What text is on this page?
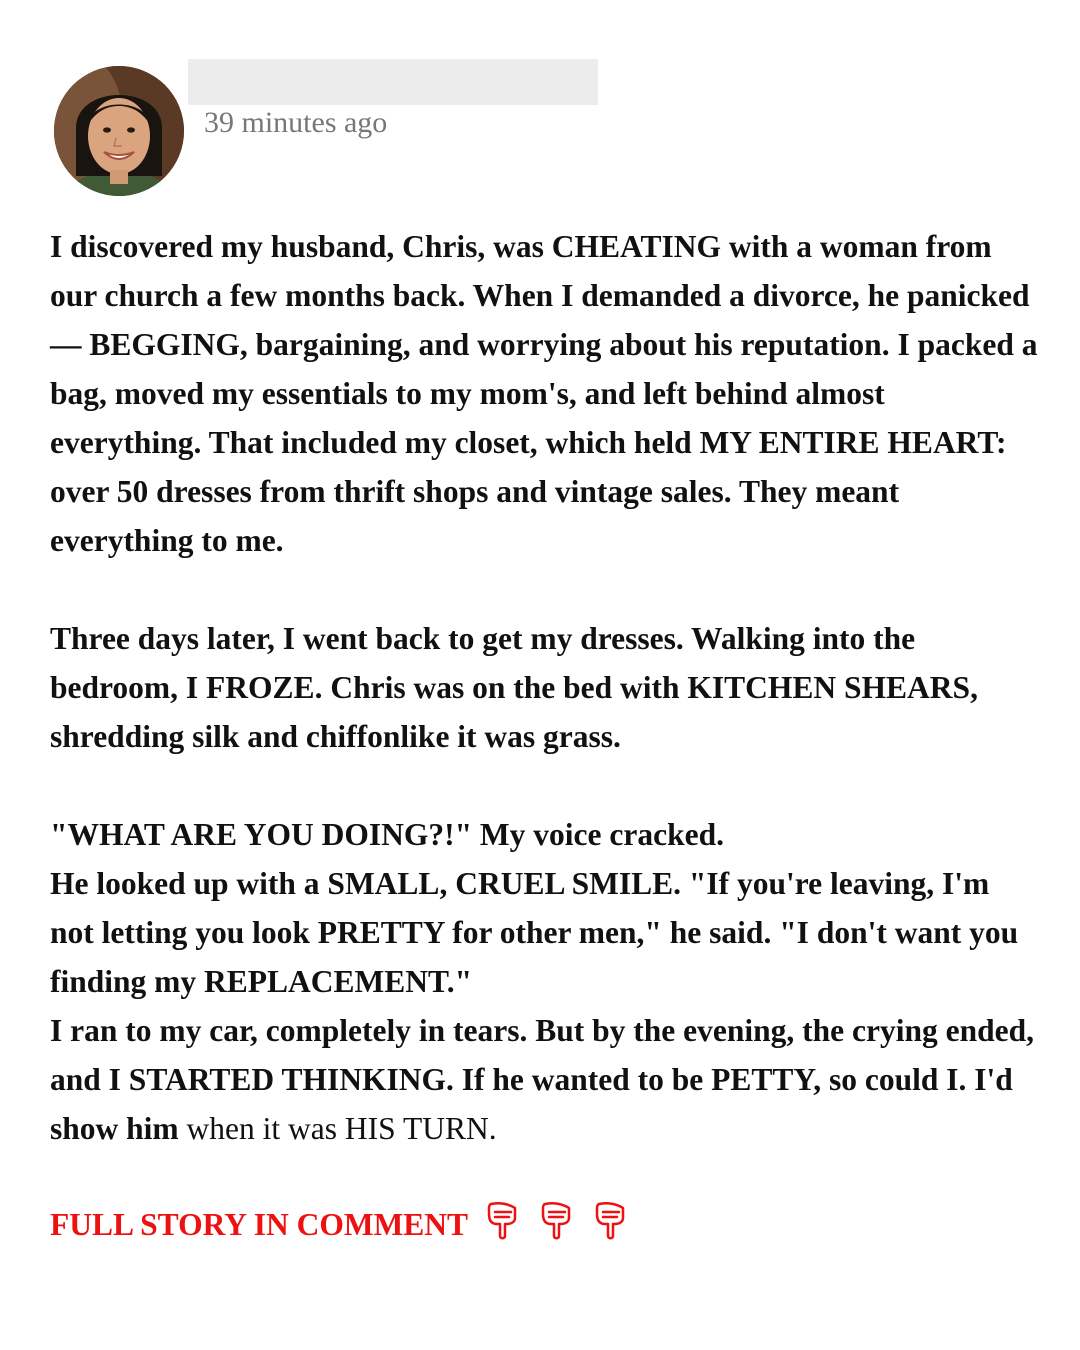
39 minutes ago

I discovered my husband, Chris, was CHEATING with a woman from our church a few months back. When I demanded a divorce, he panicked — BEGGING, bargaining, and worrying about his reputation. I packed a bag, moved my essentials to my mom's, and left behind almost everything. That included my closet, which held MY ENTIRE HEART: over 50 dresses from thrift shops and vintage sales. They meant everything to me.

Three days later, I went back to get my dresses. Walking into the bedroom, I FROZE. Chris was on the bed with KITCHEN SHEARS, shredding silk and chiffonlike it was grass.

"WHAT ARE YOU DOING?!" My voice cracked.

He looked up with a SMALL, CRUEL SMILE. "If you're leaving, I'm not letting you look PRETTY for other men," he said. "I don't want you finding my REPLACEMENT."

I ran to my car, completely in tears. But by the evening, the crying ended, and I STARTED THINKING. If he wanted to be PETTY, so could I. I'd show him when it was HIS TURN.

FULL STORY IN COMMENT
